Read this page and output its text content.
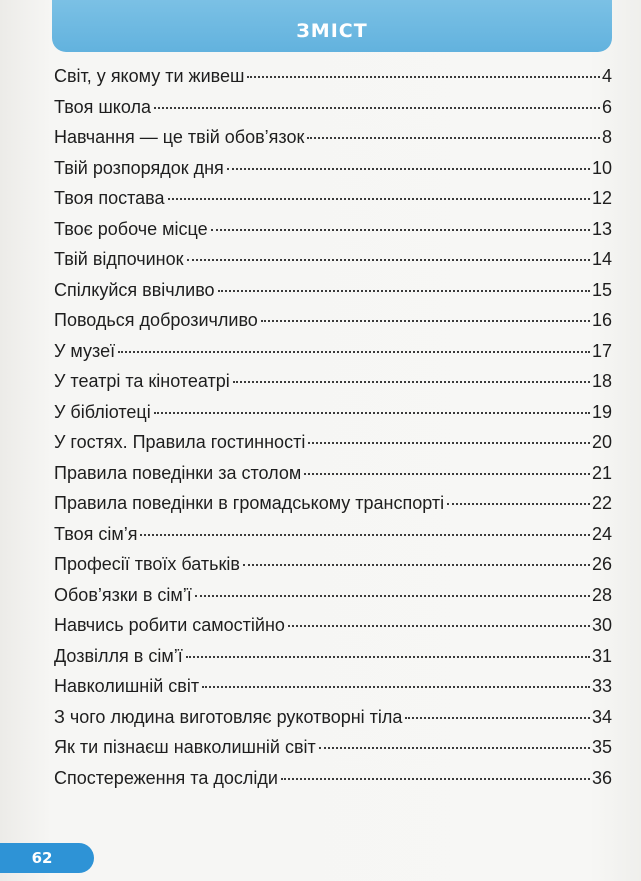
ЗМІСТ
Світ, у якому ти живеш	4
Твоя школа	6
Навчання — це твій обов’язок	8
Твій розпорядок дня	10
Твоя постава	12
Твоє робоче місце	13
Твій відпочинок	14
Спілкуйся ввічливо	15
Поводься доброзичливо	16
У музеї	17
У театрі та кінотеатрі	18
У бібліотеці	19
У гостях. Правила гостинності	20
Правила поведінки за столом	21
Правила поведінки в громадському транспорті	22
Твоя сім’я	24
Професії твоїх батьків	26
Обов’язки в сім’ї	28
Навчись робити самостійно	30
Дозвілля в сім’ї	31
Навколишній світ	33
З чого людина виготовляє рукотворні тіла	34
Як ти пізнаєш навколишній світ	35
Спостереження та досліди	36
62
